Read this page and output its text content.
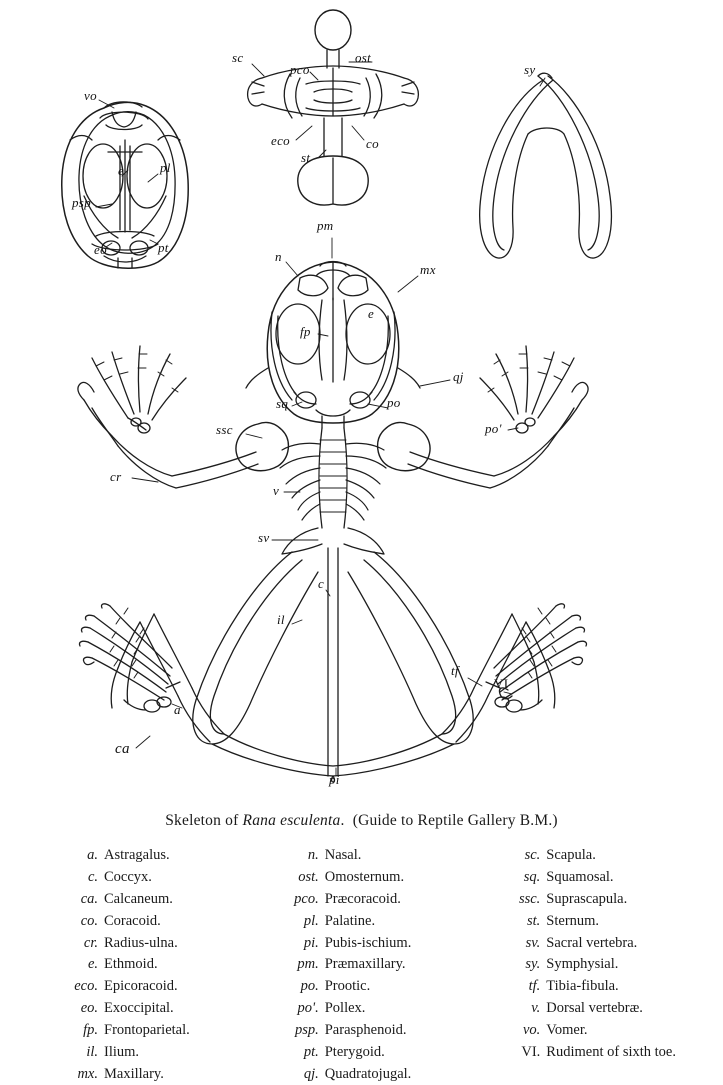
vo
e	pl
psp
eo	pt
sc
pco
ost
eco
st
co
sy
pm
n
mx
fp
e
qj
sq	po
ssc	po'
cr
v
sv
c
il
tf
VI
a
ca
pi
Skeleton of Rana esculenta. (Guide to Reptile Gallery B.M.)
a. Astragalus.
c. Coccyx.
ca. Calcaneum.
co. Coracoid.
cr. Radius-ulna.
e. Ethmoid.
eco. Epicoracoid.
eo. Exoccipital.
fp. Frontoparietal.
il. Ilium.
mx. Maxillary.
n. Nasal.
ost. Omosternum.
pco. Præcoracoid.
pl. Palatine.
pi. Pubis-ischium.
pm. Præmaxillary.
po. Prootic.
po'. Pollex.
psp. Parasphenoid.
pt. Pterygoid.
qj. Quadratojugal.
sc. Scapula.
sq. Squamosal.
ssc. Suprascapula.
st. Sternum.
sv. Sacral vertebra.
sy. Symphysial.
tf. Tibia-fibula.
v. Dorsal vertebræ.
vo. Vomer.
VI. Rudiment of sixth toe.
